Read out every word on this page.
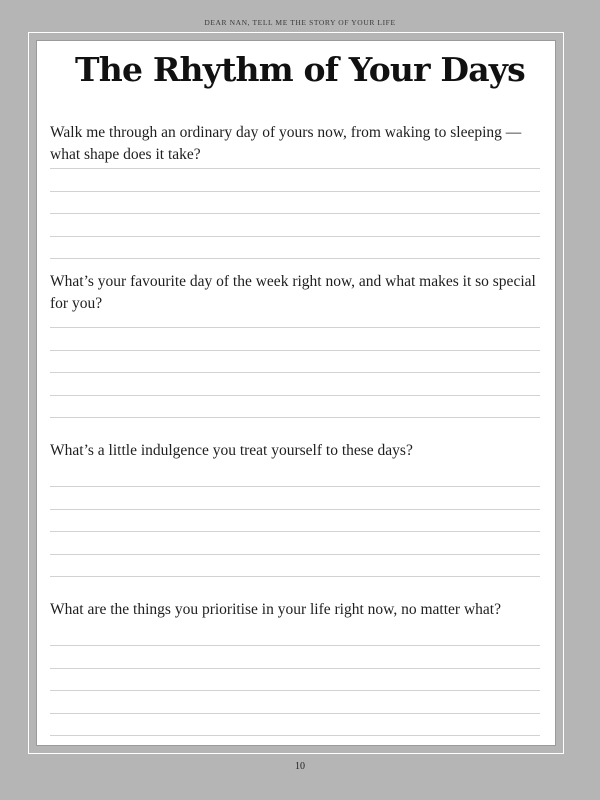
DEAR NAN, TELL ME THE STORY OF YOUR LIFE
The Rhythm of Your Days

Walk me through an ordinary day of yours now, from waking to sleeping — what shape does it take?

What’s your favourite day of the week right now, and what makes it so special for you?

What’s a little indulgence you treat yourself to these days?

What are the things you prioritise in your life right now, no matter what?

10
